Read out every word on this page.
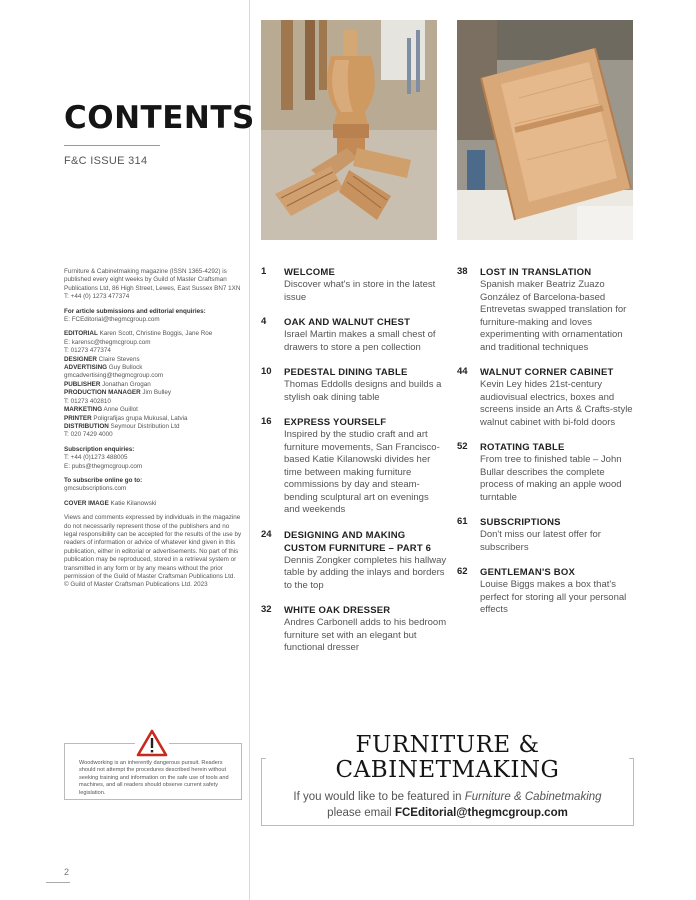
CONTENTS
F&C ISSUE 314

Furniture & Cabinetmaking magazine (ISSN 1365-4292) is published every eight weeks by Guild of Master Craftsman Publications Ltd, 86 High Street, Lewes, East Sussex BN7 1XN

T: +44 (0) 1273 477374

For article submissions and editorial enquiries:

E: FCEditorial@thegmcgroup.com

EDITORIAL Karen Scott, Christine Boggis, Jane Roe

E: karensc@thegmcgroup.com

T: 01273 477374

DESIGNER Claire Stevens

ADVERTISING Guy Bullock

gmcadvertising@thegmcgroup.com

PUBLISHER Jonathan Grogan

PRODUCTION MANAGER Jim Bulley

T: 01273 402810

MARKETING Anne Guillot

PRINTER Poligrafijas grupa Mukusal, Latvia

DISTRIBUTION Seymour Distribution Ltd

T: 020 7429 4000

Subscription enquiries:

T: +44 (0)1273 488005

E: pubs@thegmcgroup.com

To subscribe online go to:

gmcsubscriptions.com

COVER IMAGE Katie Kilanowski

Views and comments expressed by individuals in the magazine do not necessarily represent those of the publishers and no legal responsibility can be accepted for the results of the use by readers of information or advice of whatever kind given in this publication, either in editorial or advertisements. No part of this publication may be reproduced, stored in a retrieval system or transmitted in any form or by any means without the prior permission of the Guild of Master Craftsman Publications Ltd.

© Guild of Master Craftsman Publications Ltd. 2023

Woodworking is an inherently dangerous pursuit. Readers should not attempt the procedures described herein without seeking training and information on the safe use of tools and machines, and all readers should observe current safety legislation.
2
1 WELCOME
Discover what's in store in the latest issue
4 OAK AND WALNUT CHEST
Israel Martin makes a small chest of drawers to store a pen collection
10 PEDESTAL DINING TABLE
Thomas Eddolls designs and builds a stylish oak dining table
16 EXPRESS YOURSELF
Inspired by the studio craft and art furniture movements, San Francisco-based Katie Kilanowski divides her time between making furniture commissions by day and steam-bending sculptural art on evenings and weekends
24 DESIGNING AND MAKING CUSTOM FURNITURE – PART 6
Dennis Zongker completes his hallway table by adding the inlays and borders to the top
32 WHITE OAK DRESSER
Andres Carbonell adds to his bedroom furniture set with an elegant but functional dresser
38 LOST IN TRANSLATION
Spanish maker Beatriz Zuazo González of Barcelona-based Entrevetas swapped translation for furniture-making and loves experimenting with ornamentation and traditional techniques
44 WALNUT CORNER CABINET
Kevin Ley hides 21st-century audiovisual electrics, boxes and screens inside an Arts & Crafts-style walnut cabinet with bi-fold doors
52 ROTATING TABLE
From tree to finished table – John Bullar describes the complete process of making an apple wood turntable
61 SUBSCRIPTIONS
Don't miss our latest offer for subscribers
62 GENTLEMAN'S BOX
Louise Biggs makes a box that's perfect for storing all your personal effects
FURNITURE &
CABINETMAKING
If you would like to be featured in Furniture & Cabinetmaking
please email FCEditorial@thegmcgroup.com
